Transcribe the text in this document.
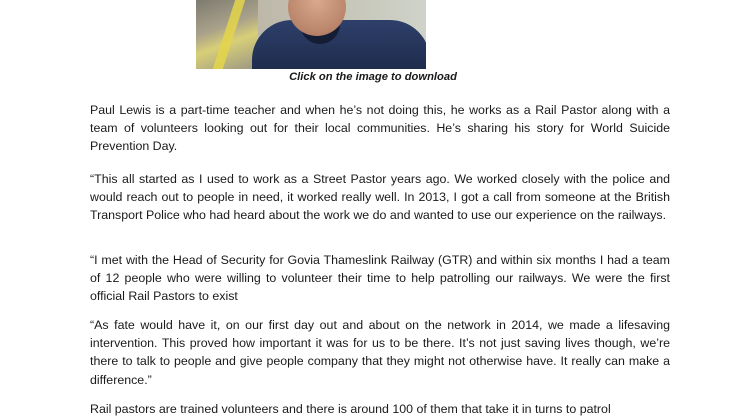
Click on the image to download

Paul Lewis is a part-time teacher and when he’s not doing this, he works as a Rail Pastor along with a team of volunteers looking out for their local communities. He’s sharing his story for World Suicide Prevention Day.

“This all started as I used to work as a Street Pastor years ago. We worked closely with the police and would reach out to people in need, it worked really well. In 2013, I got a call from someone at the British Transport Police who had heard about the work we do and wanted to use our experience on the railways.

“I met with the Head of Security for Govia Thameslink Railway (GTR) and within six months I had a team of 12 people who were willing to volunteer their time to help patrolling our railways. We were the first official Rail Pastors to exist

“As fate would have it, on our first day out and about on the network in 2014, we made a lifesaving intervention. This proved how important it was for us to be there. It’s not just saving lives though, we’re there to talk to people and give people company that they might not otherwise have. It really can make a difference.”

Rail pastors are trained volunteers and there is around 100 of them that take it in turns to patrol
